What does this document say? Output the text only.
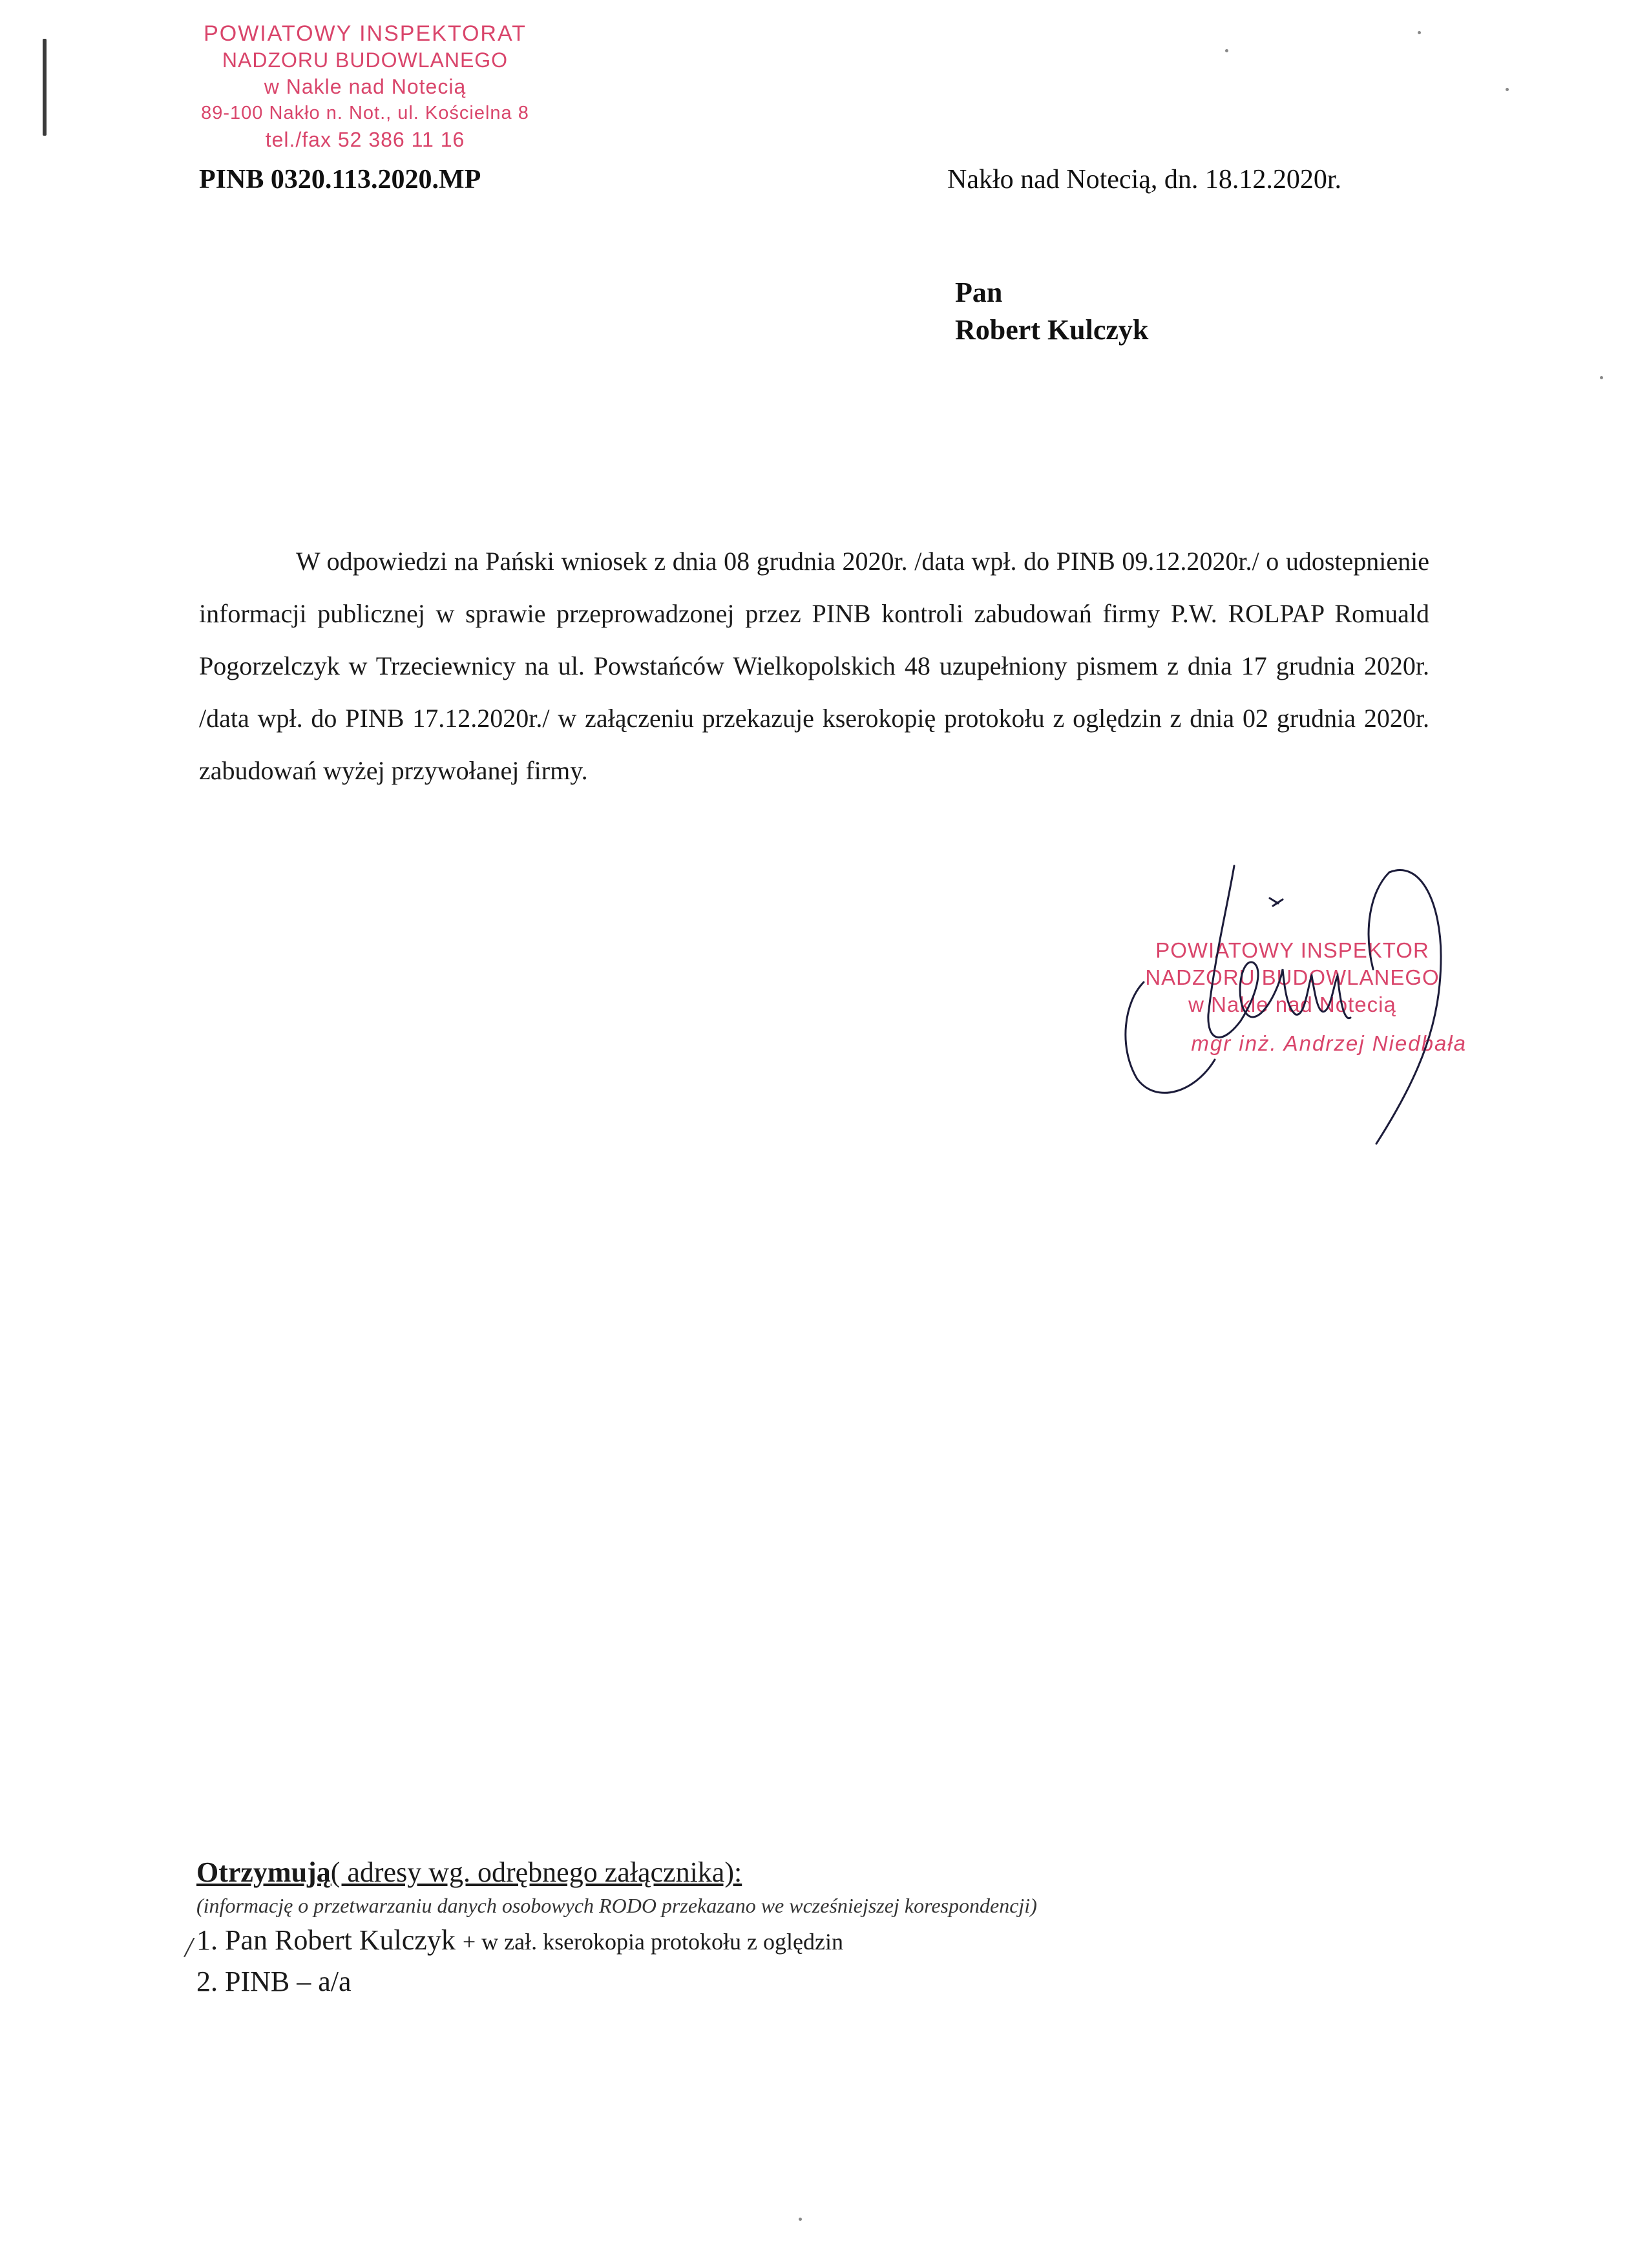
POWIATOWY INSPEKTORAT
NADZORU BUDOWLANEGO
w Nakle nad Notecią
89-100 Nakło n. Not., ul. Kościelna 8
tel./fax 52 386 11 16
PINB 0320.113.2020.MP	Nakło nad Notecią, dn. 18.12.2020r.
Pan
Robert Kulczyk
W odpowiedzi na Pański wniosek z dnia 08 grudnia 2020r. /data wpł. do PINB 09.12.2020r./ o udostepnienie informacji publicznej w sprawie przeprowadzonej przez PINB kontroli zabudowań firmy P.W. ROLPAP Romuald Pogorzelczyk w Trzeciewnicy na ul. Powstańców Wielkopolskich 48 uzupełniony pismem z dnia 17 grudnia 2020r. /data wpł. do PINB 17.12.2020r./ w załączeniu przekazuje kserokopię protokołu z oględzin z dnia 02 grudnia 2020r. zabudowań wyżej przywołanej firmy.
POWIATOWY INSPEKTOR
NADZORU BUDOWLANEGO
w Nakle nad Notecią
mgr inż. Andrzej Niedbała
Otrzymują( adresy wg. odrębnego załącznika):
(informację o przetwarzaniu danych osobowych RODO przekazano we wcześniejszej korespondencji)
/ 1. Pan Robert Kulczyk + w zał. kserokopia protokołu z oględzin
2. PINB – a/a
